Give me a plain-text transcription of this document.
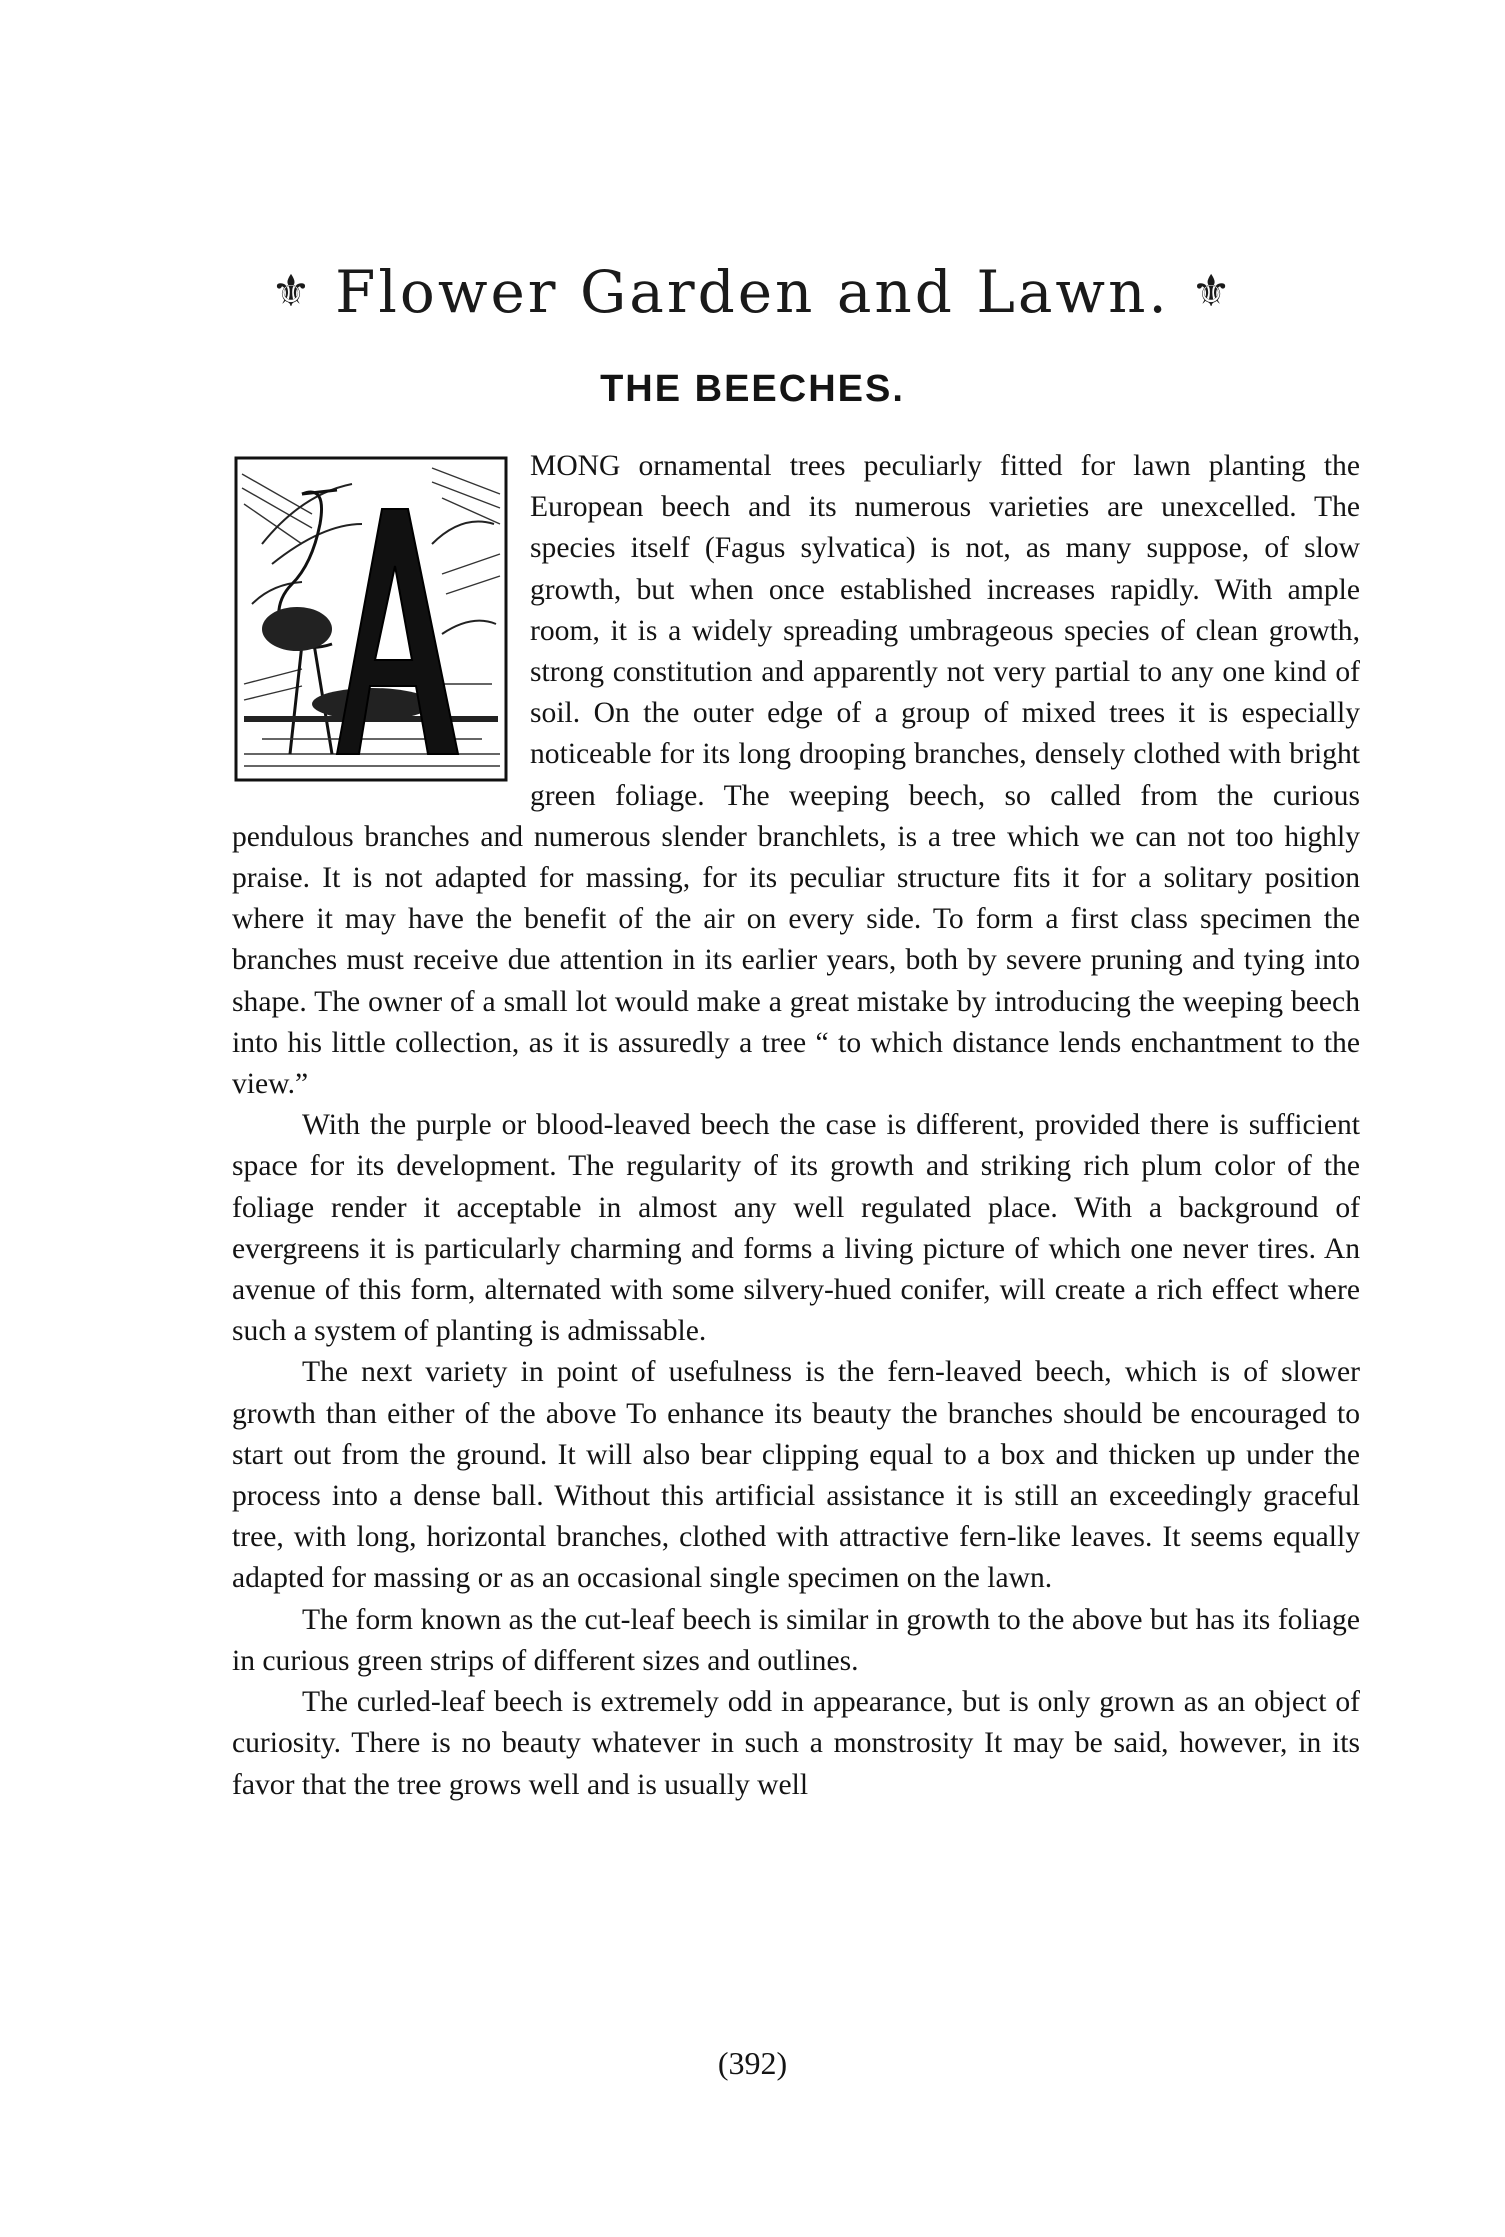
⚜ Flower Garden and Lawn. ⚜
THE BEECHES.

A	MONG ornamental trees peculiarly fitted for lawn planting the European beech and its numerous varieties are unexcelled. The species itself (Fagus sylvatica) is not, as many suppose, of slow growth, but when once established increases rapidly. With ample room, it is a widely spreading umbrageous species of clean growth, strong constitution and apparently not very partial to any one kind of soil. On the outer edge of a group of mixed trees it is especially noticeable for its long drooping branches, densely clothed with bright green foliage. The weeping beech, so called from the curious pendulous branches and numerous slender branchlets, is a tree which we can not too highly praise. It is not adapted for massing, for its peculiar structure fits it for a solitary position where it may have the benefit of the air on every side. To form a first class specimen the branches must receive due attention in its earlier years, both by severe pruning and tying into shape. The owner of a small lot would make a great mistake by introducing the weeping beech into his little collection, as it is assuredly a tree “ to which distance lends enchantment to the view.”

With the purple or blood-leaved beech the case is different, provided there is sufficient space for its development. The regularity of its growth and striking rich plum color of the foliage render it acceptable in almost any well regulated place. With a background of evergreens it is particularly charming and forms a living picture of which one never tires. An avenue of this form, alternated with some silvery-hued conifer, will create a rich effect where such a system of planting is admissable.

The next variety in point of usefulness is the fern-leaved beech, which is of slower growth than either of the above To enhance its beauty the branches should be encouraged to start out from the ground. It will also bear clipping equal to a box and thicken up under the process into a dense ball. Without this artificial assistance it is still an exceedingly graceful tree, with long, horizontal branches, clothed with attractive fern-like leaves. It seems equally adapted for massing or as an occasional single specimen on the lawn.

The form known as the cut-leaf beech is similar in growth to the above but has its foliage in curious green strips of different sizes and outlines.

The curled-leaf beech is extremely odd in appearance, but is only grown as an object of curiosity. There is no beauty whatever in such a monstrosity It may be said, however, in its favor that the tree grows well and is usually well

(392)
